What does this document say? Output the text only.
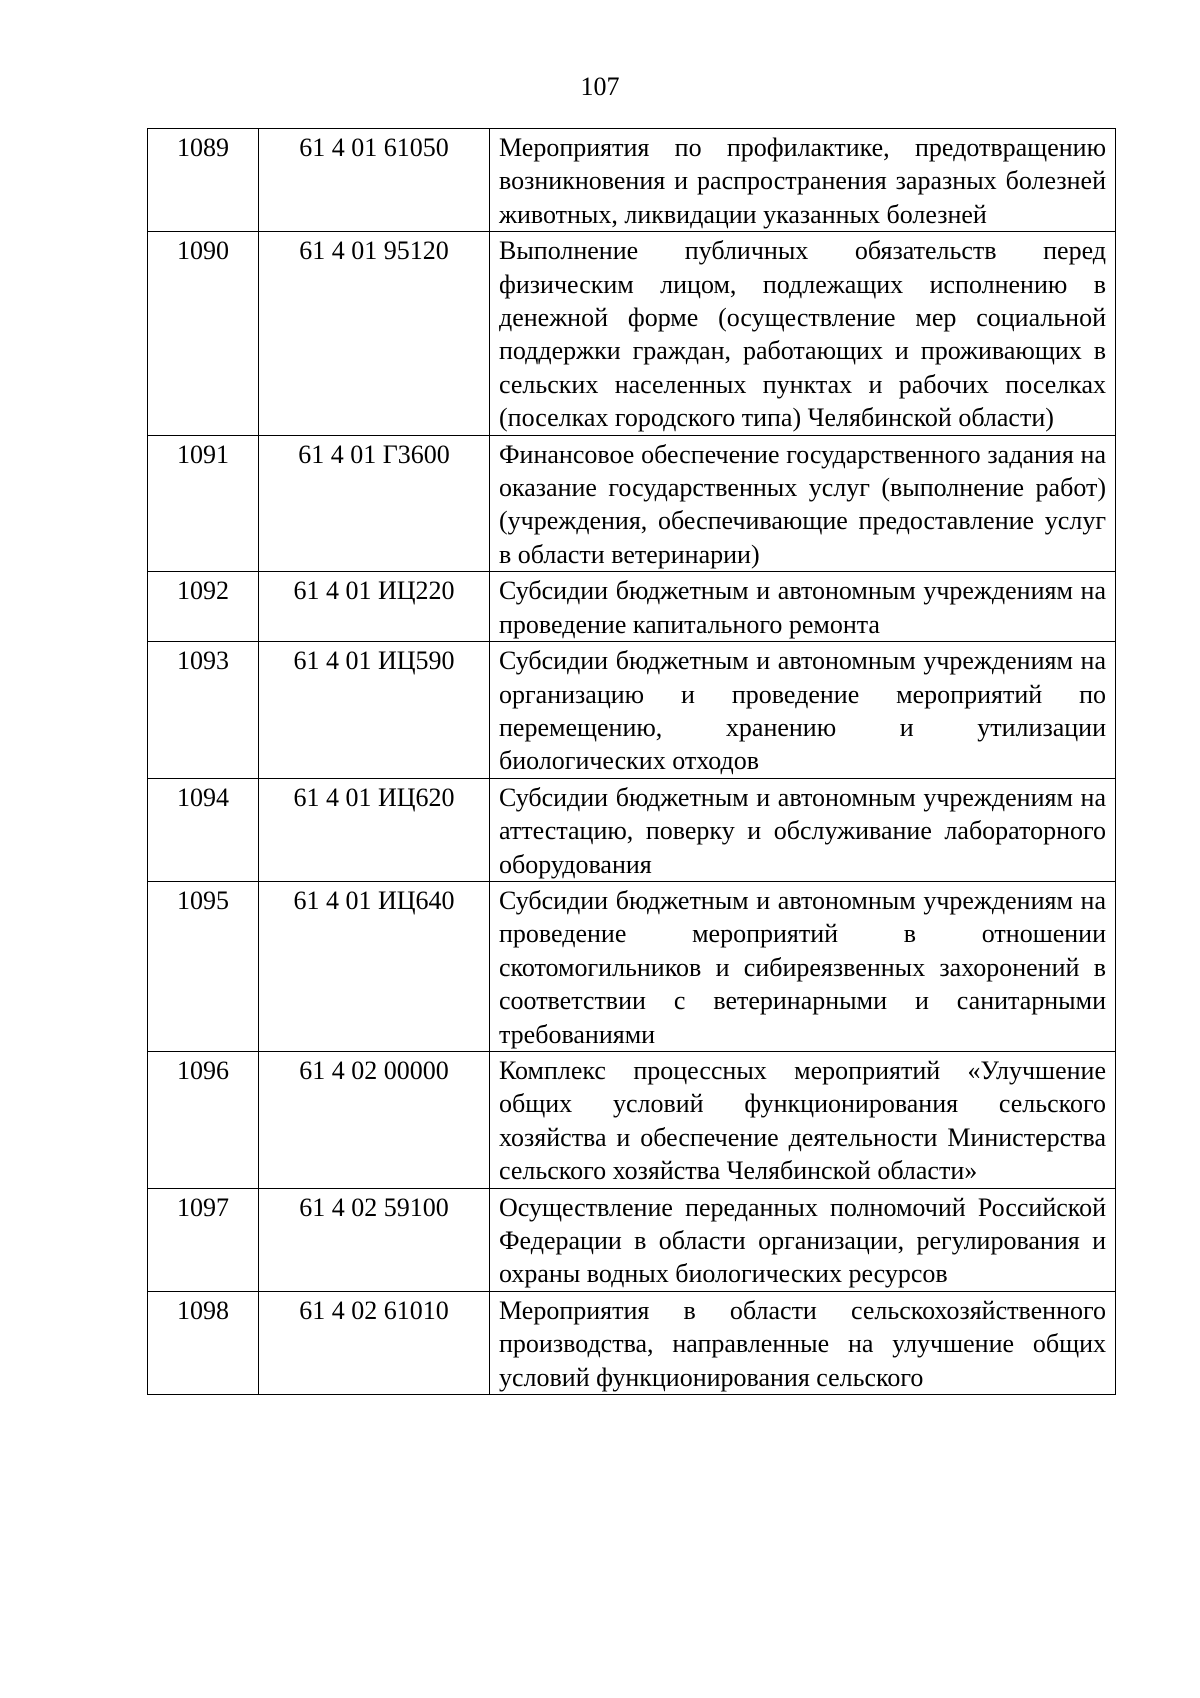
107
1089	61 4 01 61050	Мероприятия по профилактике, предотвращению возникновения и распространения заразных болезней животных, ликвидации указанных болезней
1090	61 4 01 95120	Выполнение публичных обязательств перед физическим лицом, подлежащих исполнению в денежной форме (осуществление мер социальной поддержки граждан, работающих и проживающих в сельских населенных пунктах и рабочих поселках (поселках городского типа) Челябинской области)
1091	61 4 01 Г3600	Финансовое обеспечение государственного задания на оказание государственных услуг (выполнение работ) (учреждения, обеспечивающие предоставление услуг в области ветеринарии)
1092	61 4 01 ИЦ220	Субсидии бюджетным и автономным учреждениям на проведение капитального ремонта
1093	61 4 01 ИЦ590	Субсидии бюджетным и автономным учреждениям на организацию и проведение мероприятий по перемещению, хранению и утилизации биологических отходов
1094	61 4 01 ИЦ620	Субсидии бюджетным и автономным учреждениям на аттестацию, поверку и обслуживание лабораторного оборудования
1095	61 4 01 ИЦ640	Субсидии бюджетным и автономным учреждениям на проведение мероприятий в отношении скотомогильников и сибиреязвенных захоронений в соответствии с ветеринарными и санитарными требованиями
1096	61 4 02 00000	Комплекс процессных мероприятий «Улучшение общих условий функционирования сельского хозяйства и обеспечение деятельности Министерства сельского хозяйства Челябинской области»
1097	61 4 02 59100	Осуществление переданных полномочий Российской Федерации в области организации, регулирования и охраны водных биологических ресурсов
1098	61 4 02 61010	Мероприятия в области сельскохозяйственного производства, направленные на улучшение общих условий функционирования сельского
